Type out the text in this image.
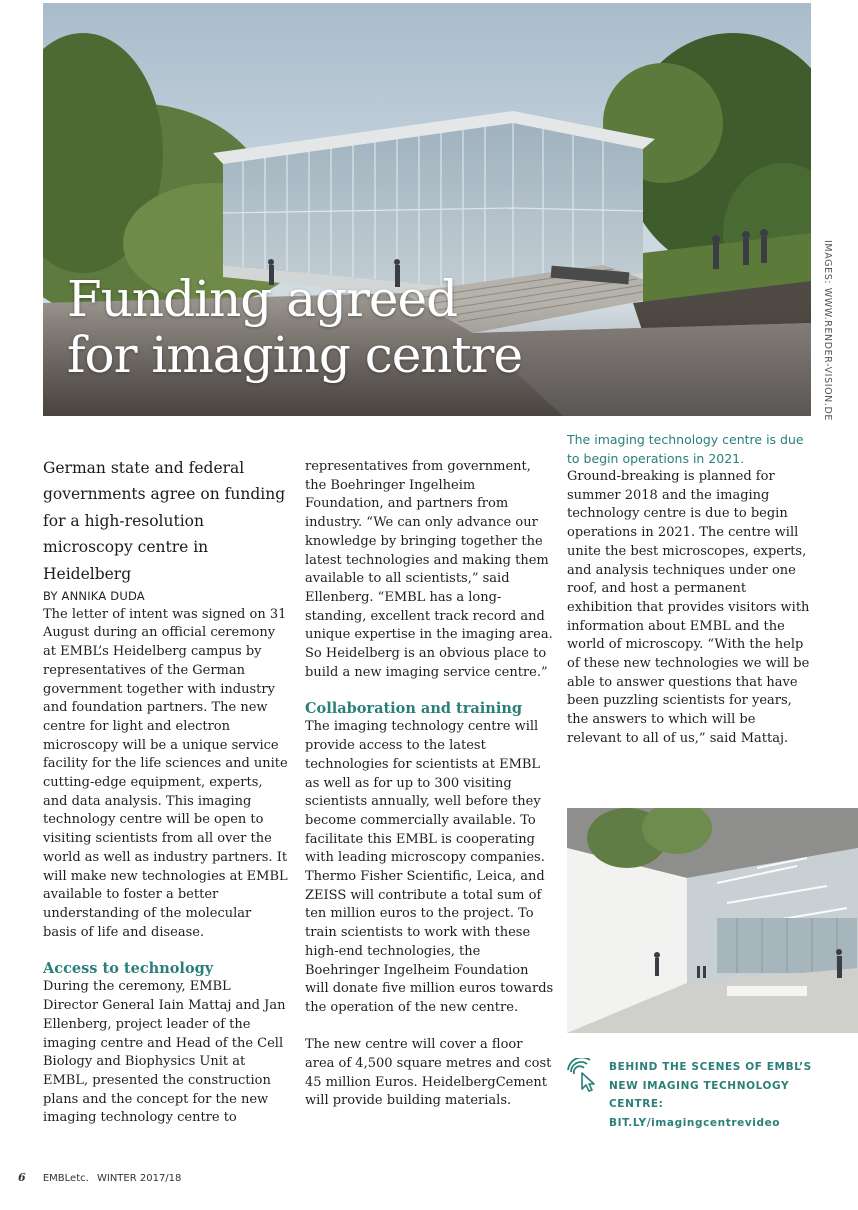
Funding agreed
for imaging centre	IMAGES: WWW.RENDER-VISION.DE

German state and federal governments agree on funding for a high-resolution microscopy centre in Heidelberg

BY ANNIKA DUDA

The letter of intent was signed on 31 August during an official ceremony at EMBL’s Heidelberg campus by representatives of the German government together with industry and foundation partners. The new centre for light and electron microscopy will be a unique service facility for the life sciences and unite cutting-edge equipment, experts, and data analysis. This imaging technology centre will be open to visiting scientists from all over the world as well as industry partners. It will make new technologies at EMBL available to foster a better understanding of the molecular basis of life and disease.

Access to technology

During the ceremony, EMBL Director General Iain Mattaj and Jan Ellenberg, project leader of the imaging centre and Head of the Cell Biology and Biophysics Unit at EMBL, presented the construction plans and the concept for the new imaging technology centre to

representatives from government, the Boehringer Ingelheim Foundation, and partners from industry. “We can only advance our knowledge by bringing together the latest technologies and making them available to all scientists,” said Ellenberg. “EMBL has a long-standing, excellent track record and unique expertise in the imaging area. So Heidelberg is an obvious place to build a new imaging service centre.”

Collaboration and training

The imaging technology centre will provide access to the latest technologies for scientists at EMBL as well as for up to 300 visiting scientists annually, well before they become commercially available. To facilitate this EMBL is cooperating with leading microscopy companies. Thermo Fisher Scientific, Leica, and ZEISS will contribute a total sum of ten million euros to the project. To train scientists to work with these high-end technologies, the Boehringer Ingelheim Foundation will donate five million euros towards the operation of the new centre.

The new centre will cover a floor area of 4,500 square metres and cost 45 million Euros. HeidelbergCement will provide building materials.

The imaging technology centre is due to begin operations in 2021.

Ground-breaking is planned for summer 2018 and the imaging technology centre is due to begin operations in 2021. The centre will unite the best microscopes, experts, and analysis techniques under one roof, and host a permanent exhibition that provides visitors with information about EMBL and the world of microscopy. “With the help of these new technologies we will be able to answer questions that have been puzzling scientists for years, the answers to which will be relevant to all of us,” said Mattaj.

BEHIND THE SCENES OF EMBL’S
NEW IMAGING TECHNOLOGY
CENTRE:
BIT.LY/imagingcentrevideo
6 EMBLetc. WINTER 2017/18
